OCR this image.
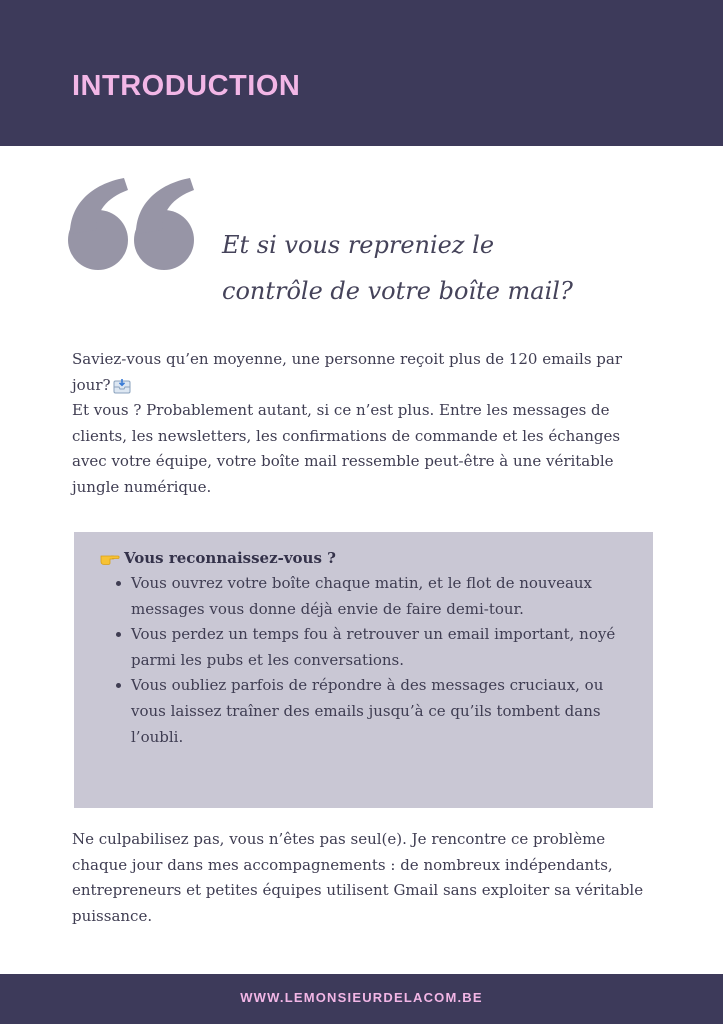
INTRODUCTION

Et si vous repreniez le
contrôle de votre boîte mail?

Saviez-vous qu’en moyenne, une personne reçoit plus de 120 emails par jour?

Et vous ? Probablement autant, si ce n’est plus. Entre les messages de clients, les newsletters, les confirmations de commande et les échanges avec votre équipe, votre boîte mail ressemble peut-être à une véritable jungle numérique.

Vous reconnaissez-vous ?

Vous ouvrez votre boîte chaque matin, et le flot de nouveaux messages vous donne déjà envie de faire demi-tour.
Vous perdez un temps fou à retrouver un email important, noyé parmi les pubs et les conversations.
Vous oubliez parfois de répondre à des messages cruciaux, ou vous laissez traîner des emails jusqu’à ce qu’ils tombent dans l’oubli.

Ne culpabilisez pas, vous n’êtes pas seul(e). Je rencontre ce problème chaque jour dans mes accompagnements : de nombreux indépendants, entrepreneurs et petites équipes utilisent Gmail sans exploiter sa véritable puissance.

WWW.LEMONSIEURDELACOM.BE
